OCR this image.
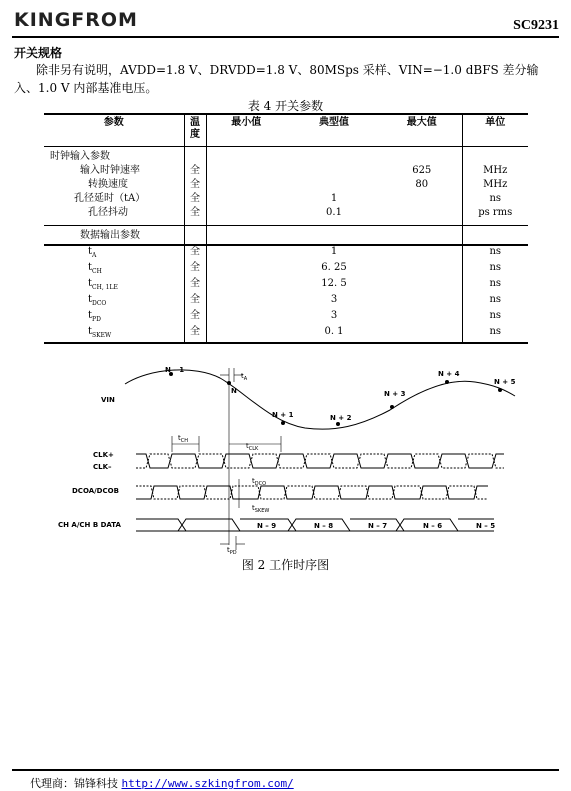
KINGFROM	SC9231
开关规格
除非另有说明，AVDD=1.8 V、DRVDD=1.8 V、80MSps 采样、VIN=−1.0 dBFS 差分输入、1.0 V 内部基准电压。
表 4 开关参数
参数	温度	最小值	典型值	最大值	单位
时钟输入参数					
输入时钟速率	全			625	MHz
转换速度	全			80	MHz
孔径延时（tA）	全		1		ns
孔径抖动	全		0.1		ps rms
数据输出参数					
$t_A$	全		1		ns
$t_{CH}$	全		6. 25		ns
$t_{CH, 1LE}$	全		12. 5		ns
$t_{DCO}$	全		3		ns
$t_{PD}$	全		3		ns
$t_{SKEW}$	全		0. 1		ns
VIN
N – 1
N
N + 1	N + 2
N + 3
N + 4
N + 5
$t_A$
$t_{CH}$
$t_{CLK}$
CLK+
CLK–
DCOA/DCOB
$t_{DCO}$
$t_{SKEW}$
CH A/CH B DATA	N – 9	N – 8	N – 7	N – 6	N – 5
$t_{PD}$
图 2 工作时序图
代理商：锦锋科技 http://www.szkingfrom.com/
